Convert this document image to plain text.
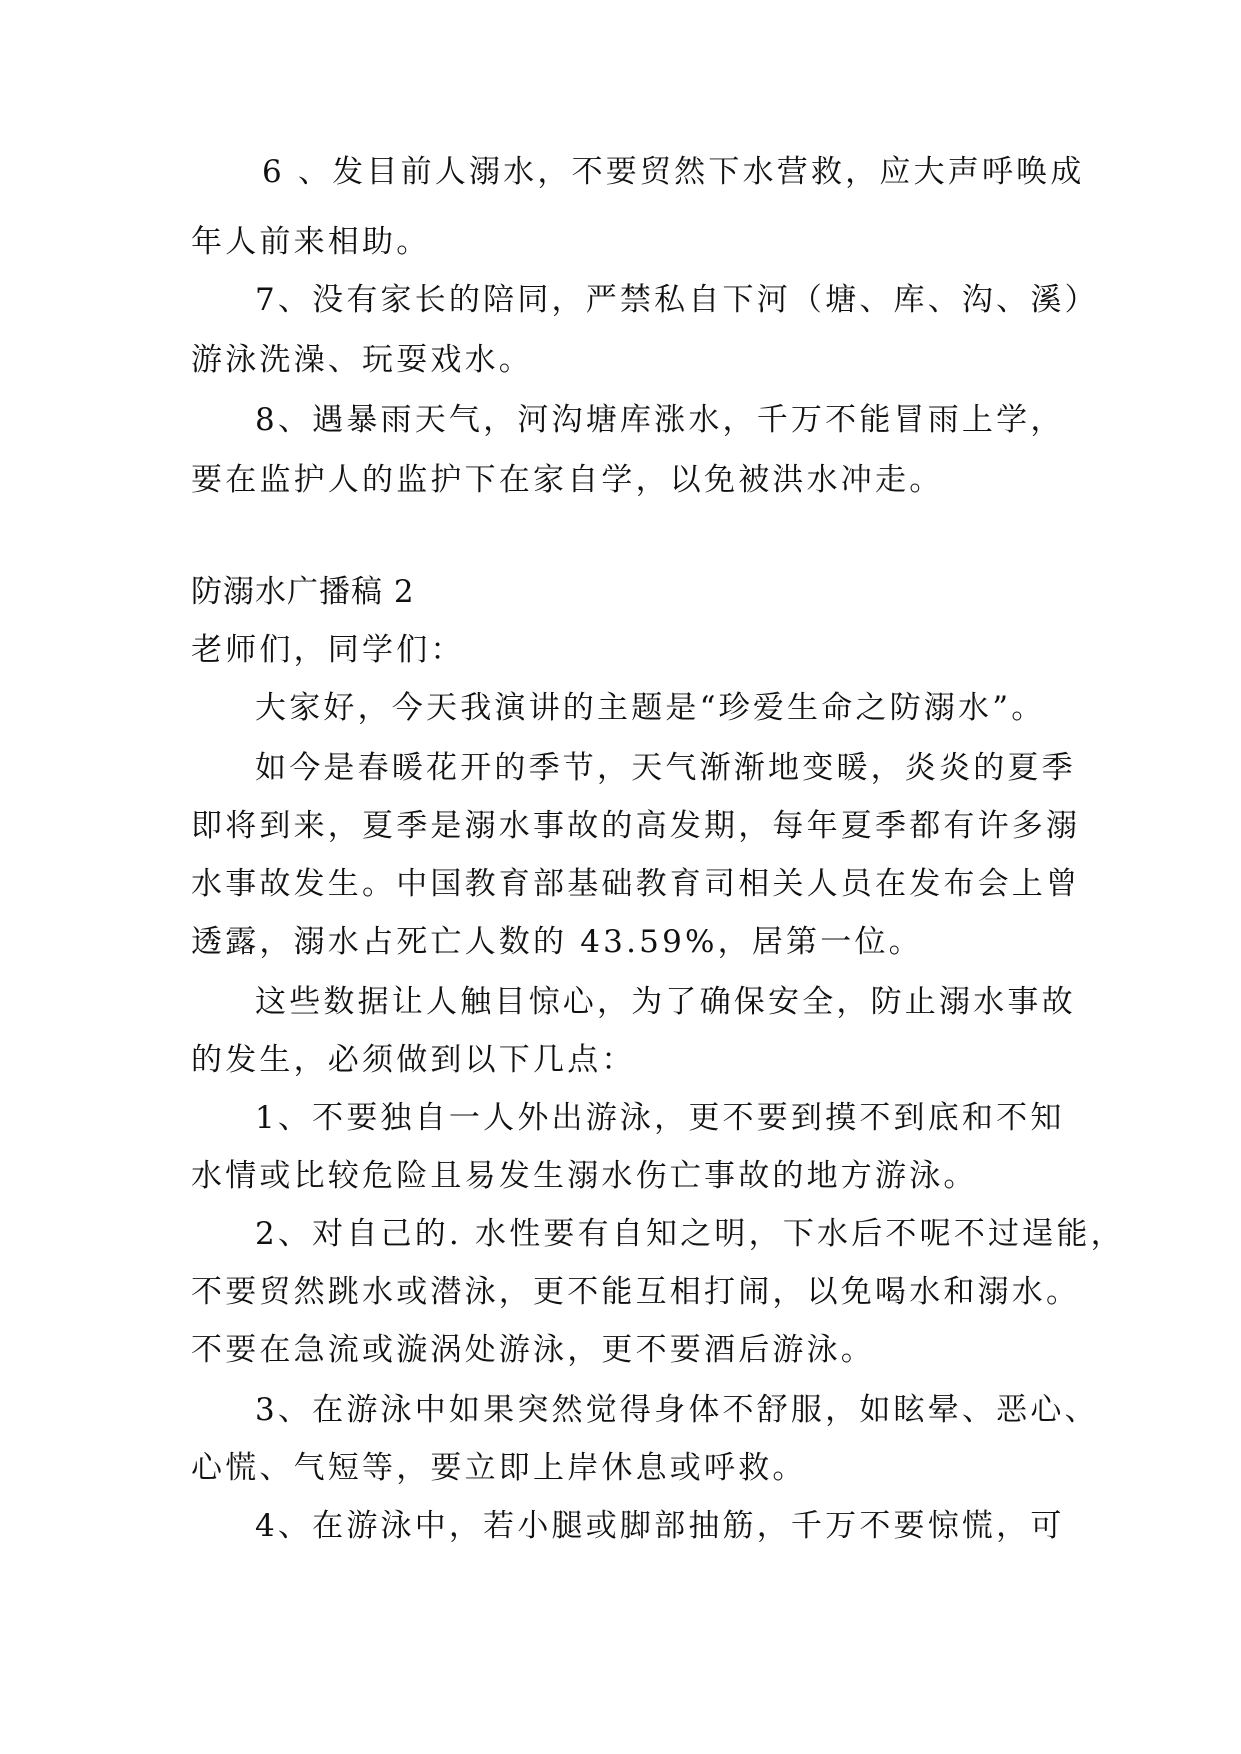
6 、发目前人溺水，不要贸然下水营救，应大声呼唤成

年人前来相助。

7、没有家长的陪同，严禁私自下河（塘、库、沟、溪）

游泳洗澡、玩耍戏水。

8、遇暴雨天气，河沟塘库涨水，千万不能冒雨上学，

要在监护人的监护下在家自学，以免被洪水冲走。

防溺水广播稿 2

老师们，同学们：

大家好，今天我演讲的主题是“珍爱生命之防溺水”。

如今是春暖花开的季节，天气渐渐地变暖，炎炎的夏季

即将到来，夏季是溺水事故的高发期，每年夏季都有许多溺

水事故发生。中国教育部基础教育司相关人员在发布会上曾

透露，溺水占死亡人数的 43.59%，居第一位。

这些数据让人触目惊心，为了确保安全，防止溺水事故

的发生，必须做到以下几点：

1、不要独自一人外出游泳，更不要到摸不到底和不知

水情或比较危险且易发生溺水伤亡事故的地方游泳。

2、对自己的. 水性要有自知之明，下水后不呢不过逞能，

不要贸然跳水或潜泳，更不能互相打闹，以免喝水和溺水。

不要在急流或漩涡处游泳，更不要酒后游泳。

3、在游泳中如果突然觉得身体不舒服，如眩晕、恶心、

心慌、气短等，要立即上岸休息或呼救。

4、在游泳中，若小腿或脚部抽筋，千万不要惊慌，可
